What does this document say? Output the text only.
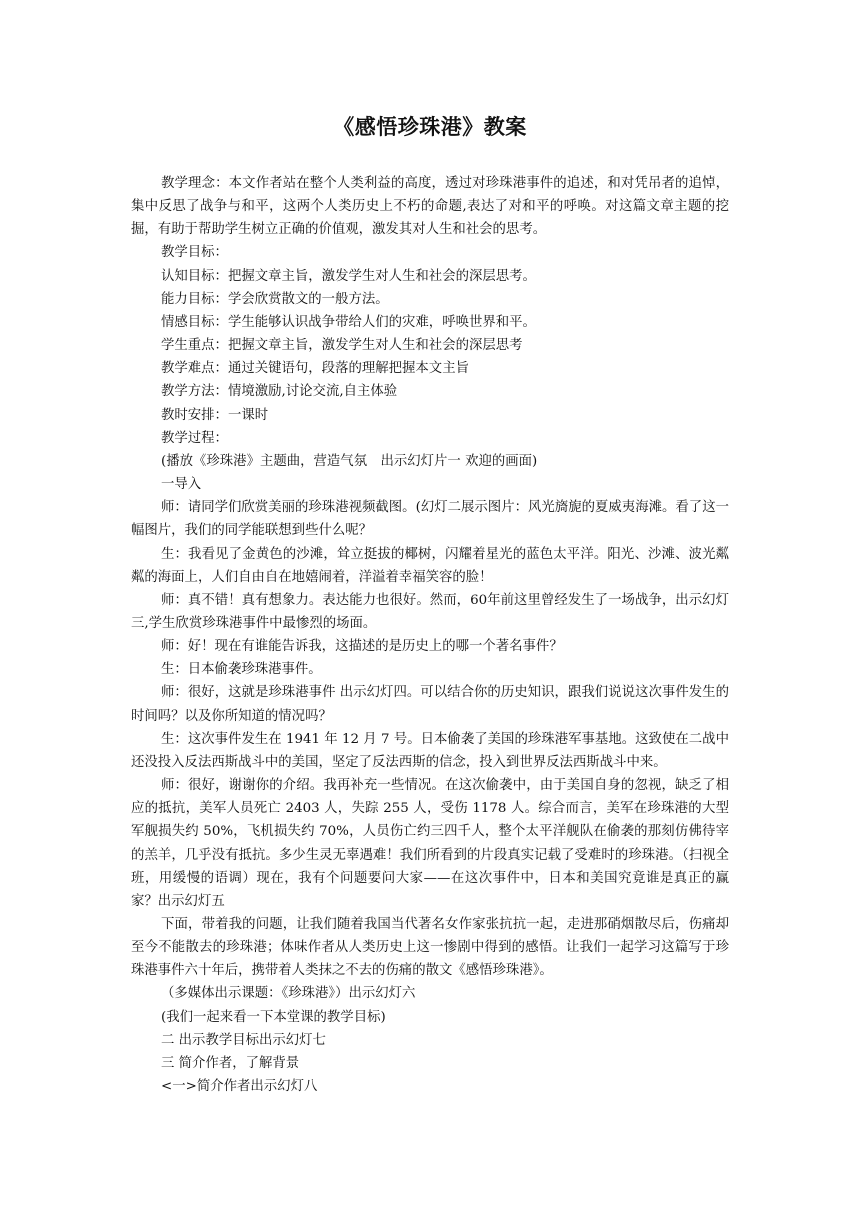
《感悟珍珠港》教案

教学理念：本文作者站在整个人类利益的高度，透过对珍珠港事件的追述，和对凭吊者的追悼，集中反思了战争与和平，这两个人类历史上不朽的命题,表达了对和平的呼唤。对这篇文章主题的挖掘，有助于帮助学生树立正确的价值观，激发其对人生和社会的思考。

教学目标：

认知目标：把握文章主旨，激发学生对人生和社会的深层思考。

能力目标：学会欣赏散文的一般方法。

情感目标：学生能够认识战争带给人们的灾难，呼唤世界和平。

学生重点：把握文章主旨，激发学生对人生和社会的深层思考

教学难点：通过关键语句，段落的理解把握本文主旨

教学方法：情境激励,讨论交流,自主体验

教时安排：一课时

教学过程：

(播放《珍珠港》主题曲，营造气氛　出示幻灯片一 欢迎的画面)

一导入

师：请同学们欣赏美丽的珍珠港视频截图。(幻灯二展示图片：风光旖旎的夏威夷海滩。看了这一幅图片，我们的同学能联想到些什么呢？

生：我看见了金黄色的沙滩，耸立挺拔的椰树，闪耀着星光的蓝色太平洋。阳光、沙滩、波光粼粼的海面上，人们自由自在地嬉闹着，洋溢着幸福笑容的脸！

师：真不错！真有想象力。表达能力也很好。然而，60年前这里曾经发生了一场战争，出示幻灯三,学生欣赏珍珠港事件中最惨烈的场面。

师：好！现在有谁能告诉我，这描述的是历史上的哪一个著名事件？

生：日本偷袭珍珠港事件。

师：很好，这就是珍珠港事件 出示幻灯四。可以结合你的历史知识，跟我们说说这次事件发生的时间吗？以及你所知道的情况吗？

生：这次事件发生在 1941 年 12 月 7 号。日本偷袭了美国的珍珠港军事基地。这致使在二战中还没投入反法西斯战斗中的美国，坚定了反法西斯的信念，投入到世界反法西斯战斗中来。

师：很好，谢谢你的介绍。我再补充一些情况。在这次偷袭中，由于美国自身的忽视，缺乏了相应的抵抗，美军人员死亡 2403 人，失踪 255 人，受伤 1178 人。综合而言，美军在珍珠港的大型军舰损失约 50%，飞机损失约 70%，人员伤亡约三四千人，整个太平洋舰队在偷袭的那刻仿佛待宰的羔羊，几乎没有抵抗。多少生灵无辜遇难！我们所看到的片段真实记载了受难时的珍珠港。（扫视全班，用缓慢的语调）现在，我有个问题要问大家——在这次事件中，日本和美国究竟谁是真正的赢家？出示幻灯五

下面，带着我的问题，让我们随着我国当代著名女作家张抗抗一起，走进那硝烟散尽后，伤痛却至今不能散去的珍珠港；体味作者从人类历史上这一惨剧中得到的感悟。让我们一起学习这篇写于珍珠港事件六十年后，携带着人类抹之不去的伤痛的散文《感悟珍珠港》。

（多媒体出示课题：《珍珠港》）出示幻灯六

(我们一起来看一下本堂课的教学目标)

二 出示教学目标出示幻灯七

三 简介作者，了解背景

<一>简介作者出示幻灯八
